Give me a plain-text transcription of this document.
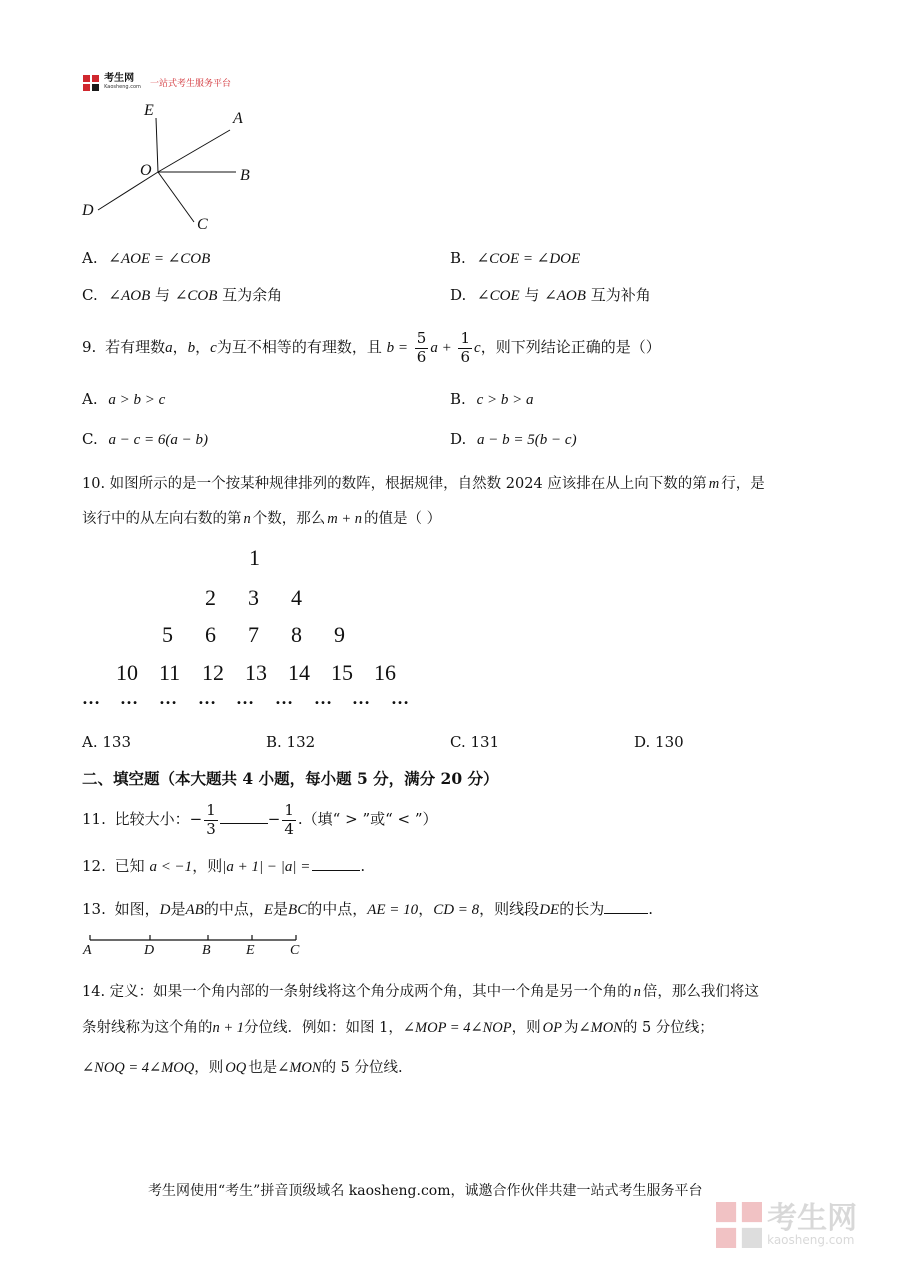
考生网
Kaosheng.com 一站式考生服务平台
E	A
O	B
D
C
A. ∠AOE = ∠COB	B. ∠COE = ∠DOE
C. ∠AOB 与 ∠COB 互为余角	D. ∠COE 与 ∠AOB 互为补角
9. 若有理数a，b，c为互不相等的有理数，且 $b = \frac{5}{6}$ $a + \frac{1}{6}$ c，则下列结论正确的是（）
A. a > b > c	B. c > b > a
C. a − c = 6(a − b)	D. a − b = 5(b − c)
10. 如图所示的是一个按某种规律排列的数阵，根据规律，自然数 2024 应该排在从上向下数的第 m 行，是
该行中的从左向右数的第 n 个数，那么 m + n 的值是（ ）
1
2 3 4
5 6 7 8 9
10 11 12 13 14 15 16
… … … … … … … … …
A. 133	B. 132	C. 131	D. 130
二、填空题（本大题共 4 小题，每小题 5 分，满分 20 分）
11. 比较大小：− $\frac{1}{3}$	− $\frac{1}{4}$ .（填“ > ”或“ < ”）
12. 已知 a < −1，则|a + 1| − |a| =	.
13. 如图，D是AB的中点，E是BC的中点，AE = 10，CD = 8，则线段DE的长为	.
A	D	B	E	C
14. 定义：如果一个角内部的一条射线将这个角分成两个角，其中一个角是另一个角的 n 倍，那么我们将这
条射线称为这个角的n + 1分位线．例如：如图 1，∠MOP = 4∠NOP，则 OP 为∠MON的 5 分位线；
∠NOQ = 4∠MOQ，则 OQ 也是∠MON的 5 分位线.
考生网使用“考生”拼音顶级域名 kaosheng.com，诚邀合作伙伴共建一站式考生服务平台

考生网
kaosheng.com
